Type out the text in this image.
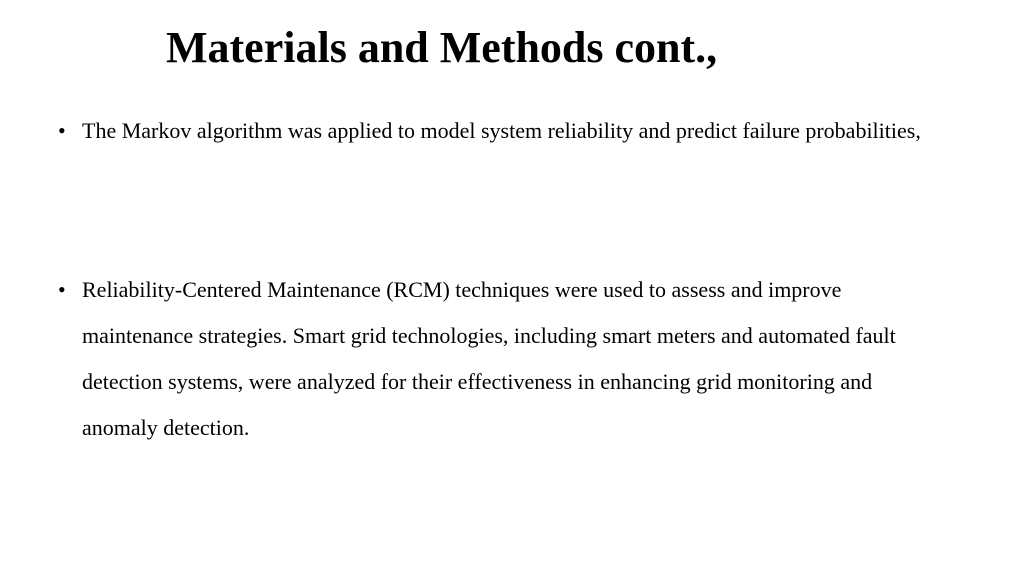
Materials and Methods cont.,
• The Markov algorithm was applied to model system reliability and predict failure probabilities,
• Reliability-Centered Maintenance (RCM) techniques were used to assess and improve maintenance strategies. Smart grid technologies, including smart meters and automated fault detection systems, were analyzed for their effectiveness in enhancing grid monitoring and anomaly detection.
